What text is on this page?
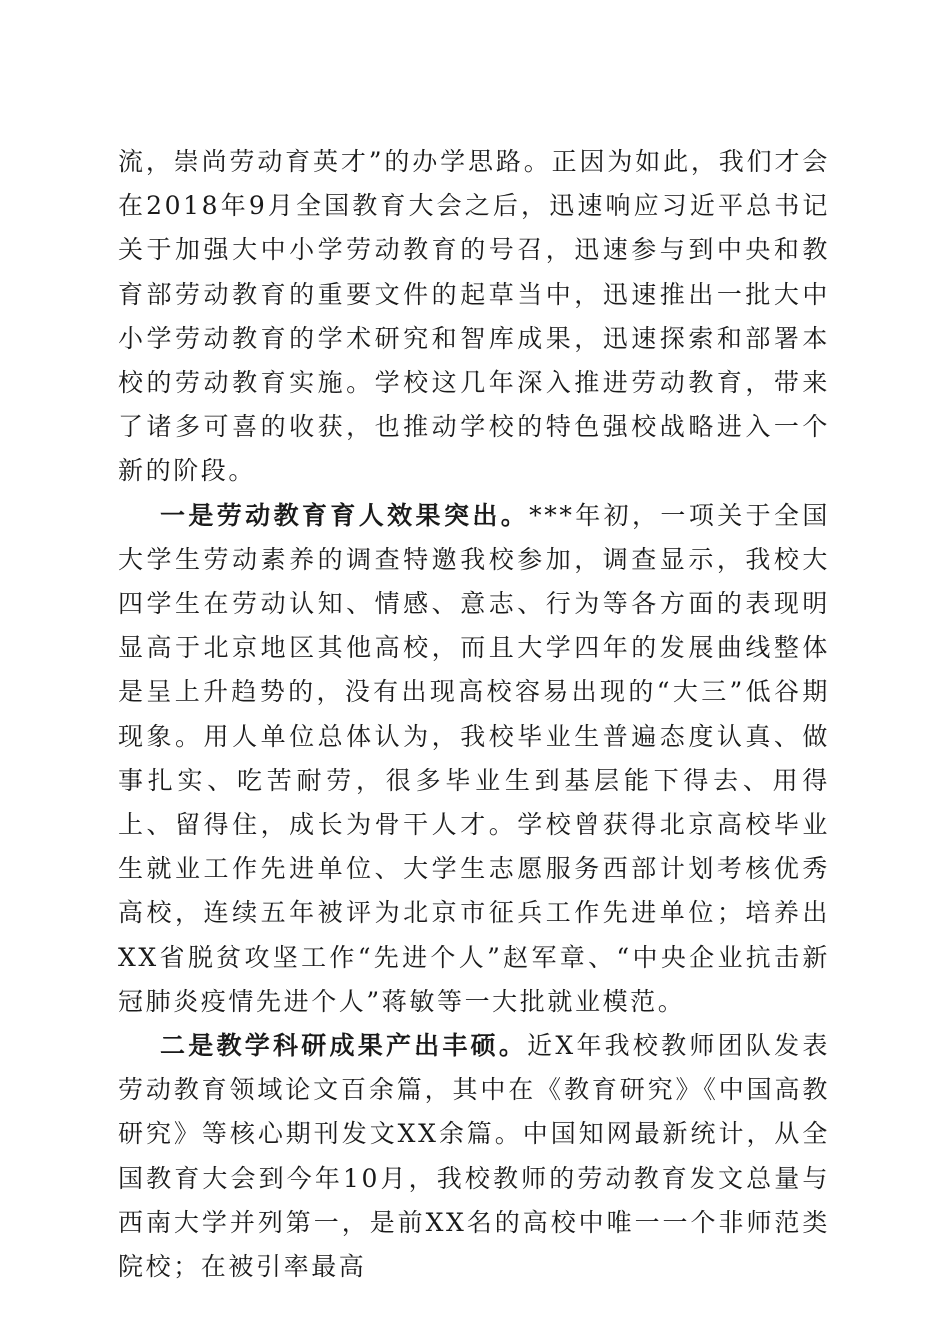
流，崇尚劳动育英才”的办学思路。正因为如此，我们才会在2018年9月全国教育大会之后，迅速响应习近平总书记关于加强大中小学劳动教育的号召，迅速参与到中央和教育部劳动教育的重要文件的起草当中，迅速推出一批大中小学劳动教育的学术研究和智库成果，迅速探索和部署本校的劳动教育实施。学校这几年深入推进劳动教育，带来了诸多可喜的收获，也推动学校的特色强校战略进入一个新的阶段。

一是劳动教育育人效果突出。***年初，一项关于全国大学生劳动素养的调查特邀我校参加，调查显示，我校大四学生在劳动认知、情感、意志、行为等各方面的表现明显高于北京地区其他高校，而且大学四年的发展曲线整体是呈上升趋势的，没有出现高校容易出现的“大三”低谷期现象。用人单位总体认为，我校毕业生普遍态度认真、做事扎实、吃苦耐劳，很多毕业生到基层能下得去、用得上、留得住，成长为骨干人才。学校曾获得北京高校毕业生就业工作先进单位、大学生志愿服务西部计划考核优秀高校，连续五年被评为北京市征兵工作先进单位；培养出XX省脱贫攻坚工作“先进个人”赵军章、“中央企业抗击新冠肺炎疫情先进个人”蒋敏等一大批就业模范。

二是教学科研成果产出丰硕。近X年我校教师团队发表劳动教育领域论文百余篇，其中在《教育研究》《中国高教研究》等核心期刊发文XX余篇。中国知网最新统计，从全国教育大会到今年10月，我校教师的劳动教育发文总量与西南大学并列第一，是前XX名的高校中唯一一个非师范类院校；在被引率最高
